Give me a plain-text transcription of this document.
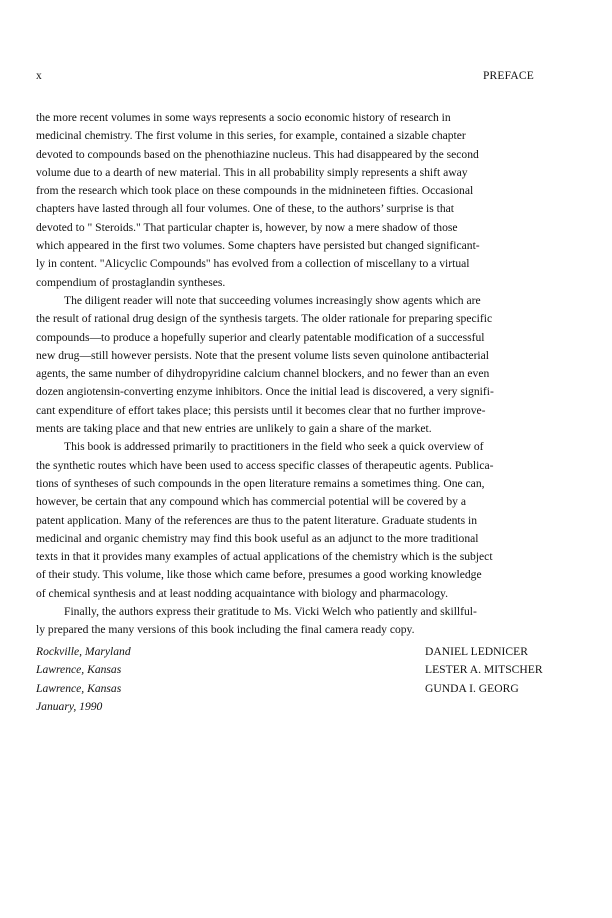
x	PREFACE
the more recent volumes in some ways represents a socio economic history of research in
medicinal chemistry. The first volume in this series, for example, contained a sizable chapter
devoted to compounds based on the phenothiazine nucleus. This had disappeared by the second
volume due to a dearth of new material. This in all probability simply represents a shift away
from the research which took place on these compounds in the midnineteen fifties. Occasional
chapters have lasted through all four volumes. One of these, to the authors’ surprise is that
devoted to " Steroids." That particular chapter is, however, by now a mere shadow of those
which appeared in the first two volumes. Some chapters have persisted but changed significant-
ly in content. "Alicyclic Compounds" has evolved from a collection of miscellany to a virtual
compendium of prostaglandin syntheses.
The diligent reader will note that succeeding volumes increasingly show agents which are
the result of rational drug design of the synthesis targets. The older rationale for preparing specific
compounds—to produce a hopefully superior and clearly patentable modification of a successful
new drug—still however persists. Note that the present volume lists seven quinolone antibacterial
agents, the same number of dihydropyridine calcium channel blockers, and no fewer than an even
dozen angiotensin-converting enzyme inhibitors. Once the initial lead is discovered, a very signifi-
cant expenditure of effort takes place; this persists until it becomes clear that no further improve-
ments are taking place and that new entries are unlikely to gain a share of the market.
This book is addressed primarily to practitioners in the field who seek a quick overview of
the synthetic routes which have been used to access specific classes of therapeutic agents. Publica-
tions of syntheses of such compounds in the open literature remains a sometimes thing. One can,
however, be certain that any compound which has commercial potential will be covered by a
patent application. Many of the references are thus to the patent literature. Graduate students in
medicinal and organic chemistry may find this book useful as an adjunct to the more traditional
texts in that it provides many examples of actual applications of the chemistry which is the subject
of their study. This volume, like those which came before, presumes a good working knowledge
of chemical synthesis and at least nodding acquaintance with biology and pharmacology.
Finally, the authors express their gratitude to Ms. Vicki Welch who patiently and skillful-
ly prepared the many versions of this book including the final camera ready copy.
Rockville, Maryland
Lawrence, Kansas
Lawrence, Kansas
January, 1990
DANIEL LEDNICER
LESTER A. MITSCHER
GUNDA I. GEORG
